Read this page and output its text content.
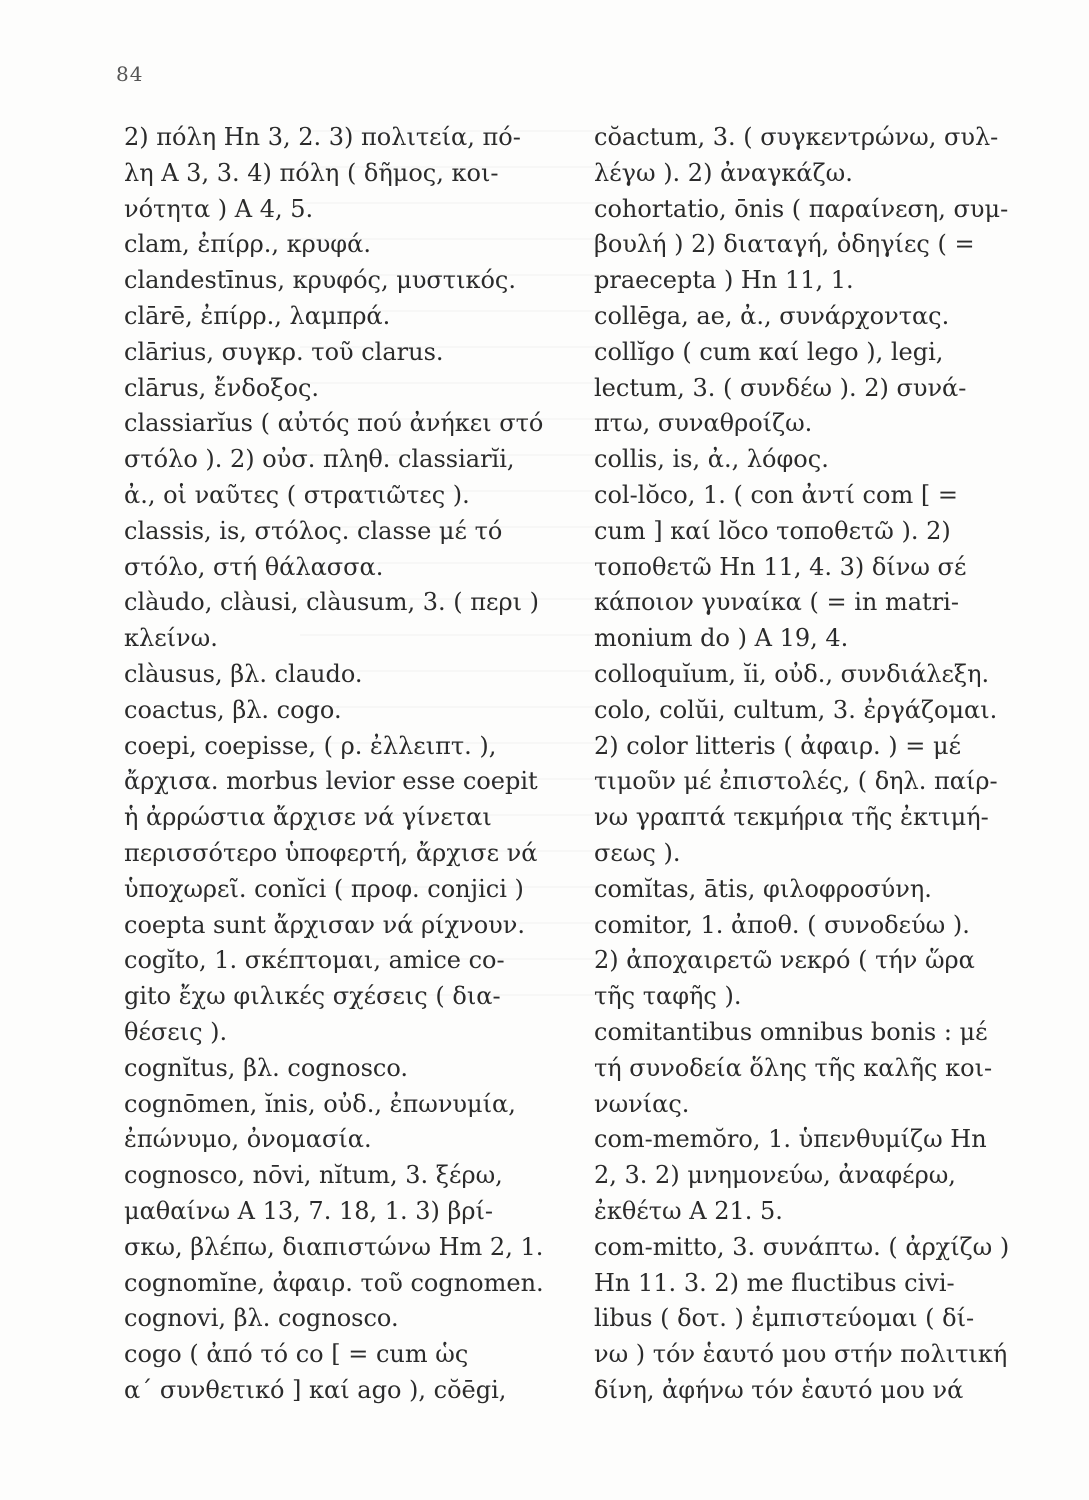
84
2) πόλη Hn 3, 2. 3) πολιτεία, πό-
λη A 3, 3. 4) πόλη ( δῆμος, κοι-
νότητα ) A 4, 5.
clam, ἐπίρρ., κρυφά.
clandestīnus, κρυφός, μυστικός.
clārē, ἐπίρρ., λαμπρά.
clārius, συγκρ. τοῦ clarus.
clārus, ἔνδοξος.
classiarĭus ( αὐτός πού ἀνήκει στό
στόλο ). 2) οὐσ. πληθ. classiarĭi,
ἀ., οἱ ναῦτες ( στρατιῶτες ).
classis, is, στόλος. classe μέ τό
στόλο, στή θάλασσα.
clàudo, clàusi, clàusum, 3. ( περι )
κλείνω.
clàusus, βλ. claudo.
coactus, βλ. cogo.
coepi, coepisse, ( ρ. ἐλλειπτ. ),
ἄρχισα. morbus levior esse coepit
ἡ ἀρρώστια ἄρχισε νά γίνεται
περισσότερο ὑποφερτή, ἄρχισε νά
ὑποχωρεῖ. conĭci ( προφ. conjici )
coepta sunt ἄρχισαν νά ρίχνουν.
cogĭto, 1. σκέπτομαι, amice co-
gito ἔχω φιλικές σχέσεις ( δια-
θέσεις ).
cognĭtus, βλ. cognosco.
cognōmen, ĭnis, οὐδ., ἐπωνυμία,
ἐπώνυμο, ὀνομασία.
cognosco, nōvi, nĭtum, 3. ξέρω,
μαθαίνω A 13, 7. 18, 1. 3) βρί-
σκω, βλέπω, διαπιστώνω Hm 2, 1.
cognomĭne, ἀφαιρ. τοῦ cognomen.
cognovi, βλ. cognosco.
cogo ( ἀπό τό co [ = cum ὡς
α΄ συνθετικό ] καί ago ), cŏēgi,
cŏactum, 3. ( συγκεντρώνω, συλ-
λέγω ). 2) ἀναγκάζω.
cohortatio, ōnis ( παραίνεση, συμ-
βουλή ) 2) διαταγή, ὁδηγίες ( =
praecepta ) Hn 11, 1.
collēga, ae, ἀ., συνάρχοντας.
collĭgo ( cum καί lego ), legi,
lectum, 3. ( συνδέω ). 2) συνά-
πτω, συναθροίζω.
collis, is, ἀ., λόφος.
col-lŏco, 1. ( con ἀντί com [ =
cum ] καί lŏco τοποθετῶ ). 2)
τοποθετῶ Hn 11, 4. 3) δίνω σέ
κάποιον γυναίκα ( = in matri-
monium do ) A 19, 4.
colloquĭum, ĭi, οὐδ., συνδιάλεξη.
colo, colŭi, cultum, 3. ἐργάζομαι.
2) color litteris ( ἀφαιρ. ) = μέ
τιμοῦν μέ ἐπιστολές, ( δηλ. παίρ-
νω γραπτά τεκμήρια τῆς ἐκτιμή-
σεως ).
comĭtas, ātis, φιλοφροσύνη.
comitor, 1. ἀποθ. ( συνοδεύω ).
2) ἀποχαιρετῶ νεκρό ( τήν ὥρα
τῆς ταφῆς ).
comitantibus omnibus bonis : μέ
τή συνοδεία ὅλης τῆς καλῆς κοι-
νωνίας.
com-memŏro, 1. ὑπενθυμίζω Hn
2, 3. 2) μνημονεύω, ἀναφέρω,
ἐκθέτω A 21. 5.
com-mitto, 3. συνάπτω. ( ἀρχίζω )
Hn 11. 3. 2) me fluctibus civi-
libus ( δοτ. ) ἐμπιστεύομαι ( δί-
νω ) τόν ἑαυτό μου στήν πολιτική
δίνη, ἀφήνω τόν ἑαυτό μου νά
